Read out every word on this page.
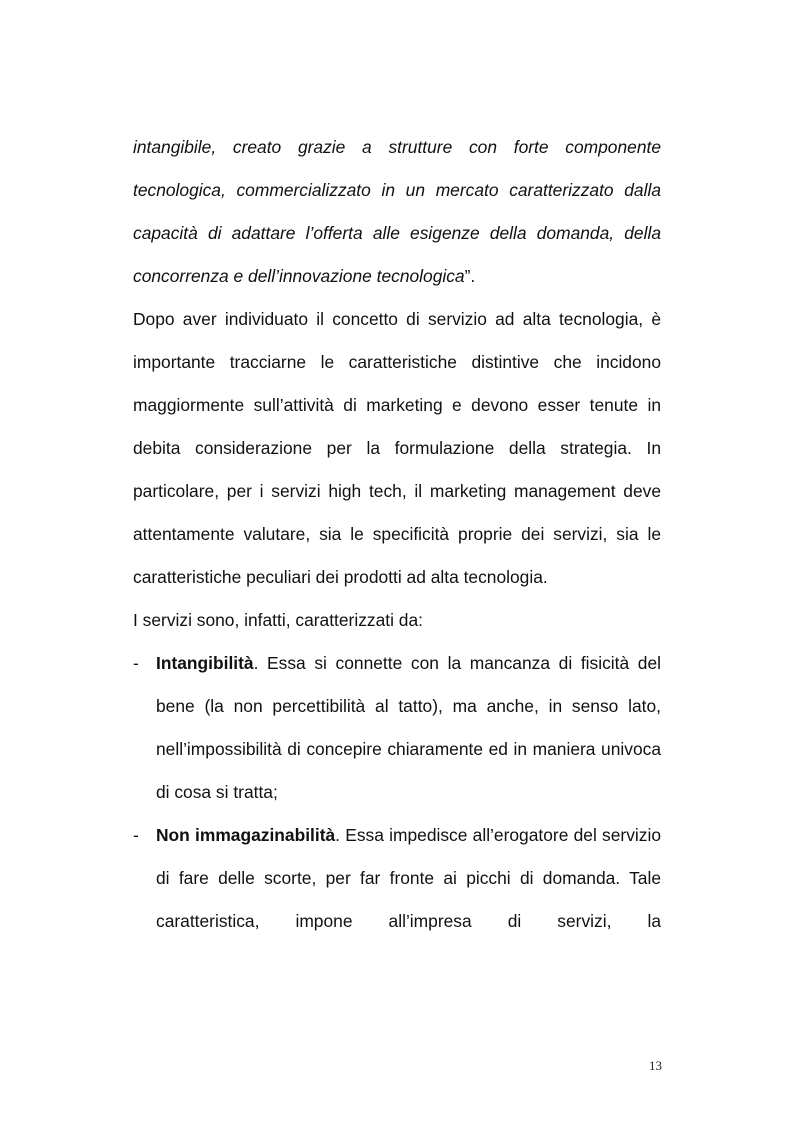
intangibile, creato grazie a strutture con forte componente tecnologica, commercializzato in un mercato caratterizzato dalla capacità di adattare l’offerta alle esigenze della domanda, della concorrenza e dell’innovazione tecnologica”.

Dopo aver individuato il concetto di servizio ad alta tecnologia, è importante tracciarne le caratteristiche distintive che incidono maggiormente sull’attività di marketing e devono esser tenute in debita considerazione per la formulazione della strategia. In particolare, per i servizi high tech, il marketing management deve attentamente valutare, sia le specificità proprie dei servizi, sia le caratteristiche peculiari dei prodotti ad alta tecnologia.

I servizi sono, infatti, caratterizzati da:

- Intangibilità. Essa si connette con la mancanza di fisicità del bene (la non percettibilità al tatto), ma anche, in senso lato, nell’impossibilità di concepire chiaramente ed in maniera univoca di cosa si tratta;
- Non immagazinabilità. Essa impedisce all’erogatore del servizio di fare delle scorte, per far fronte ai picchi di domanda. Tale caratteristica, impone all’impresa di servizi, la
13
